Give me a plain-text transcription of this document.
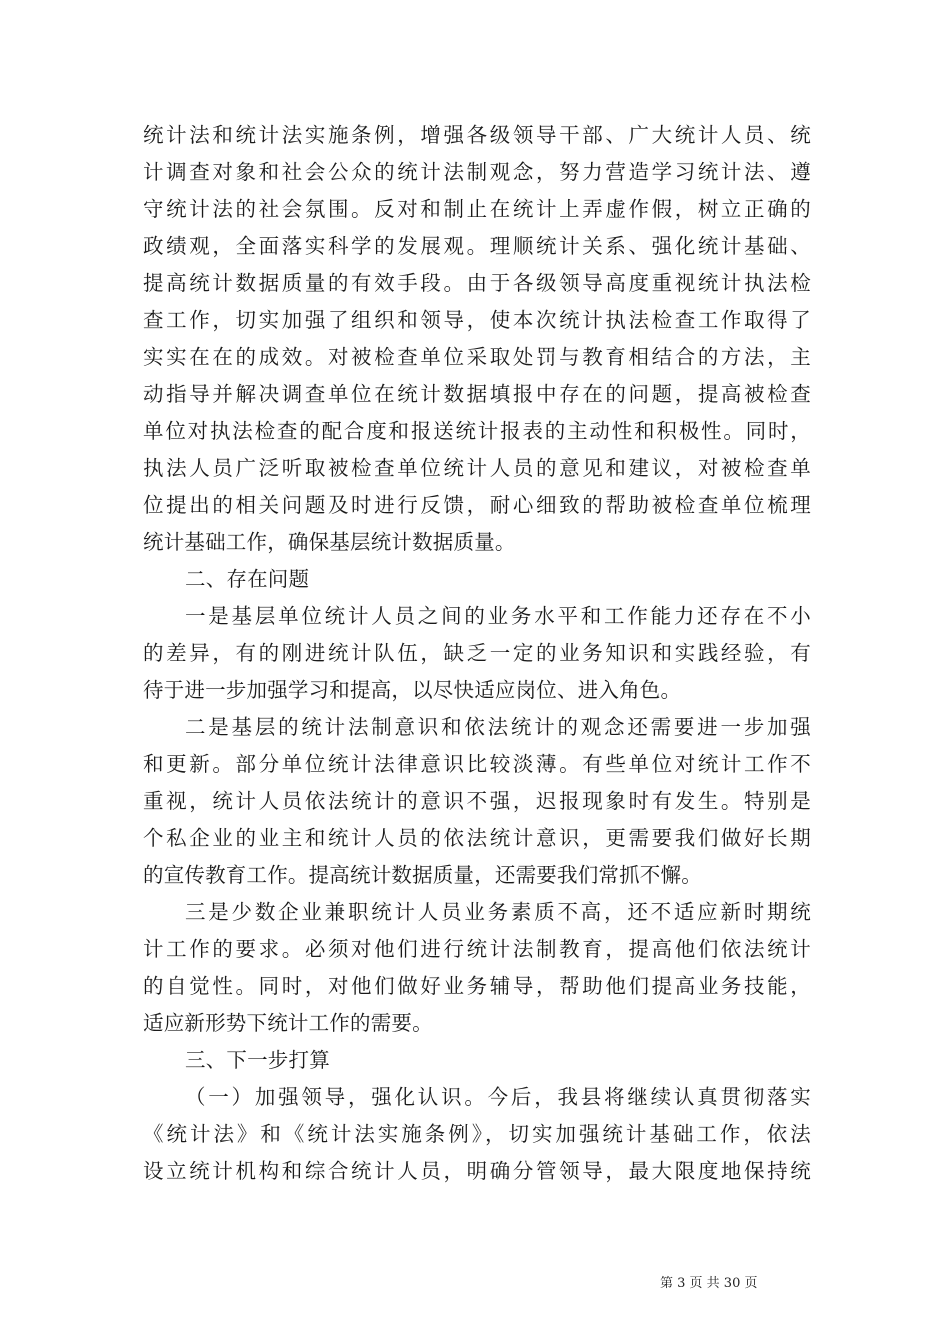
统计法和统计法实施条例，增强各级领导干部、广大统计人员、统
计调查对象和社会公众的统计法制观念，努力营造学习统计法、遵
守统计法的社会氛围。反对和制止在统计上弄虚作假，树立正确的
政绩观，全面落实科学的发展观。理顺统计关系、强化统计基础、
提高统计数据质量的有效手段。由于各级领导高度重视统计执法检
查工作，切实加强了组织和领导，使本次统计执法检查工作取得了
实实在在的成效。对被检查单位采取处罚与教育相结合的方法，主
动指导并解决调查单位在统计数据填报中存在的问题，提高被检查
单位对执法检查的配合度和报送统计报表的主动性和积极性。同时，
执法人员广泛听取被检查单位统计人员的意见和建议，对被检查单
位提出的相关问题及时进行反馈，耐心细致的帮助被检查单位梳理
统计基础工作，确保基层统计数据质量。
二、存在问题
一是基层单位统计人员之间的业务水平和工作能力还存在不小
的差异，有的刚进统计队伍，缺乏一定的业务知识和实践经验，有
待于进一步加强学习和提高，以尽快适应岗位、进入角色。
二是基层的统计法制意识和依法统计的观念还需要进一步加强
和更新。部分单位统计法律意识比较淡薄。有些单位对统计工作不
重视，统计人员依法统计的意识不强，迟报现象时有发生。特别是
个私企业的业主和统计人员的依法统计意识，更需要我们做好长期
的宣传教育工作。提高统计数据质量，还需要我们常抓不懈。
三是少数企业兼职统计人员业务素质不高，还不适应新时期统
计工作的要求。必须对他们进行统计法制教育，提高他们依法统计
的自觉性。同时，对他们做好业务辅导，帮助他们提高业务技能，
适应新形势下统计工作的需要。
三、下一步打算
（一）加强领导，强化认识。今后，我县将继续认真贯彻落实
《统计法》和《统计法实施条例》，切实加强统计基础工作，依法
设立统计机构和综合统计人员，明确分管领导，最大限度地保持统
第 3 页 共 30 页
